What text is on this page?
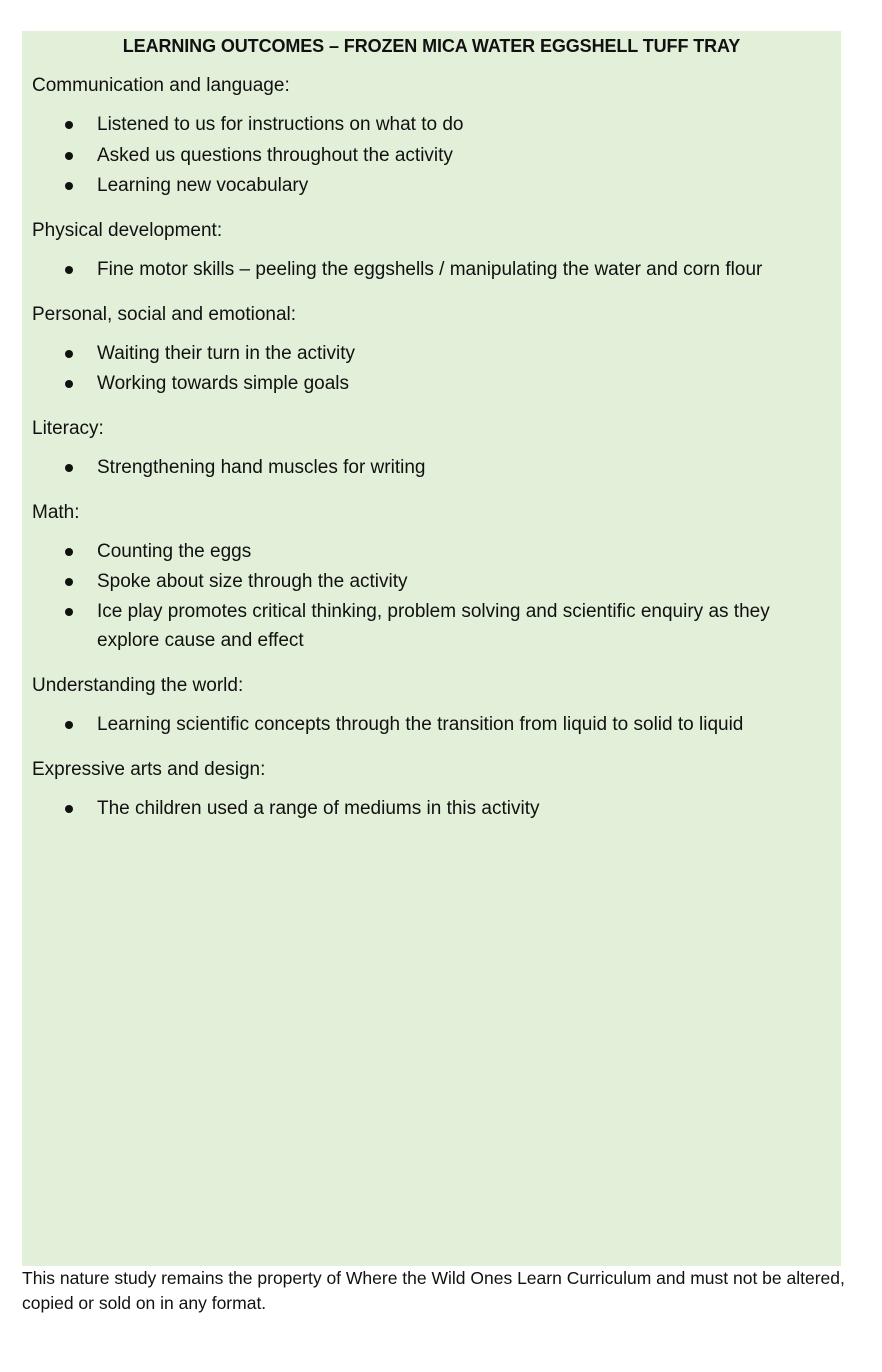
LEARNING OUTCOMES – FROZEN MICA WATER EGGSHELL TUFF TRAY

Communication and language:

Listened to us for instructions on what to do
Asked us questions throughout the activity
Learning new vocabulary

Physical development:

Fine motor skills – peeling the eggshells / manipulating the water and corn flour

Personal, social and emotional:

Waiting their turn in the activity
Working towards simple goals

Literacy:

Strengthening hand muscles for writing

Math:

Counting the eggs
Spoke about size through the activity
Ice play promotes critical thinking, problem solving and scientific enquiry as they explore cause and effect

Understanding the world:

Learning scientific concepts through the transition from liquid to solid to liquid

Expressive arts and design:

The children used a range of mediums in this activity
This nature study remains the property of Where the Wild Ones Learn Curriculum and must not be altered, copied or sold on in any format.
